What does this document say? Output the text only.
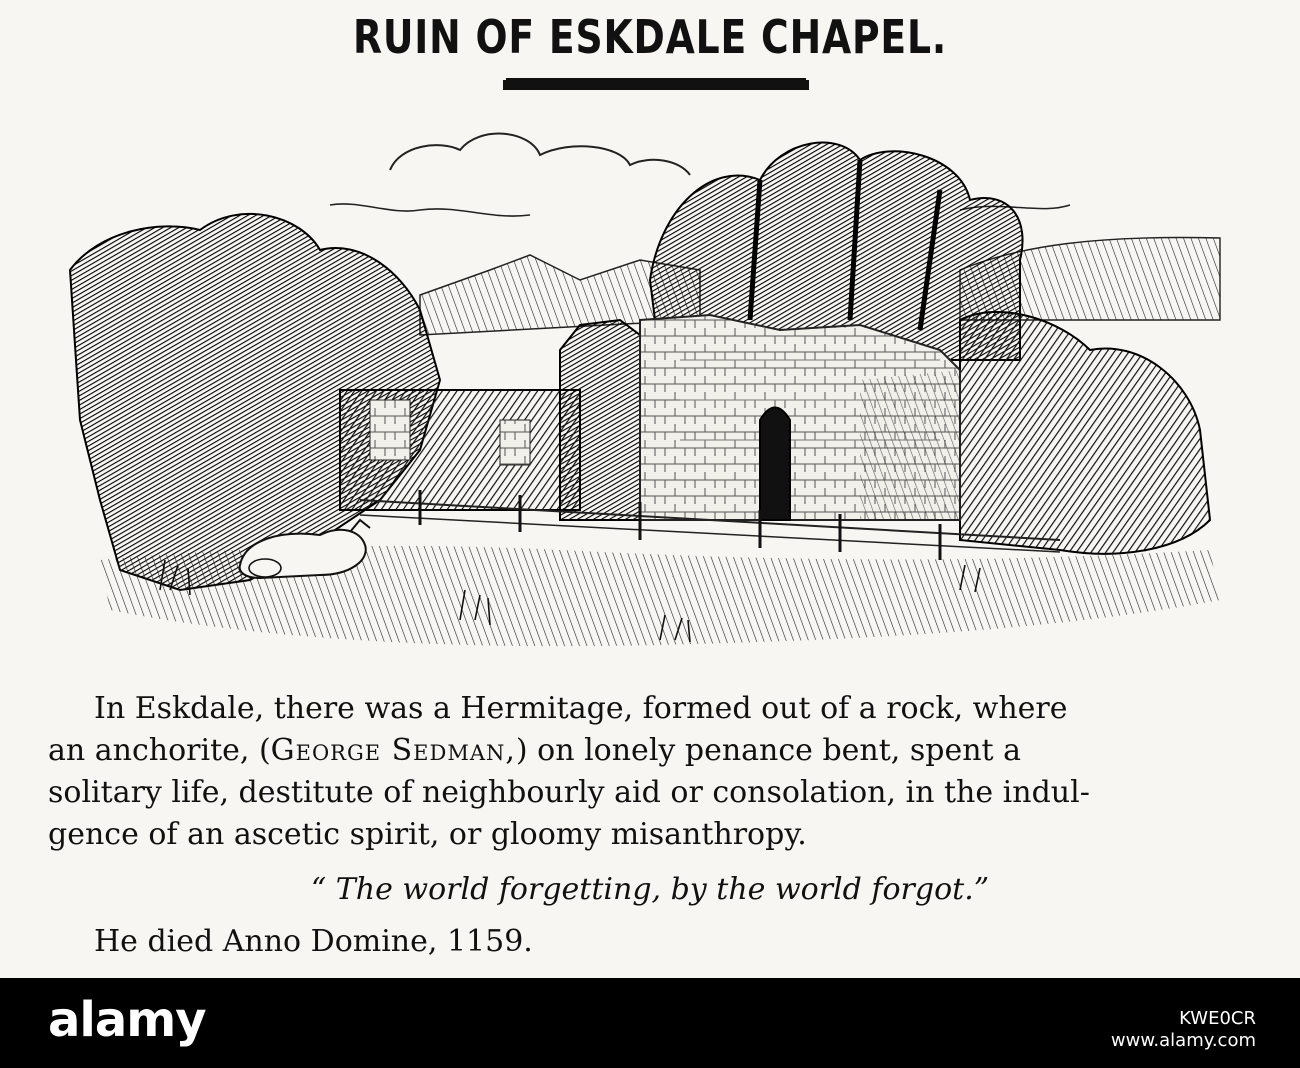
RUIN OF ESKDALE CHAPEL.

In Eskdale, there was a Hermitage, formed out of a rock, where
an anchorite, (George Sedman,) on lonely penance bent, spent a
solitary life, destitute of neighbourly aid or consolation, in the indul-
gence of an ascetic spirit, or gloomy misanthropy.

“ The world forgetting, by the world forgot.”

He died Anno Domine, 1159.

alamy	KWE0CR
www.alamy.com
